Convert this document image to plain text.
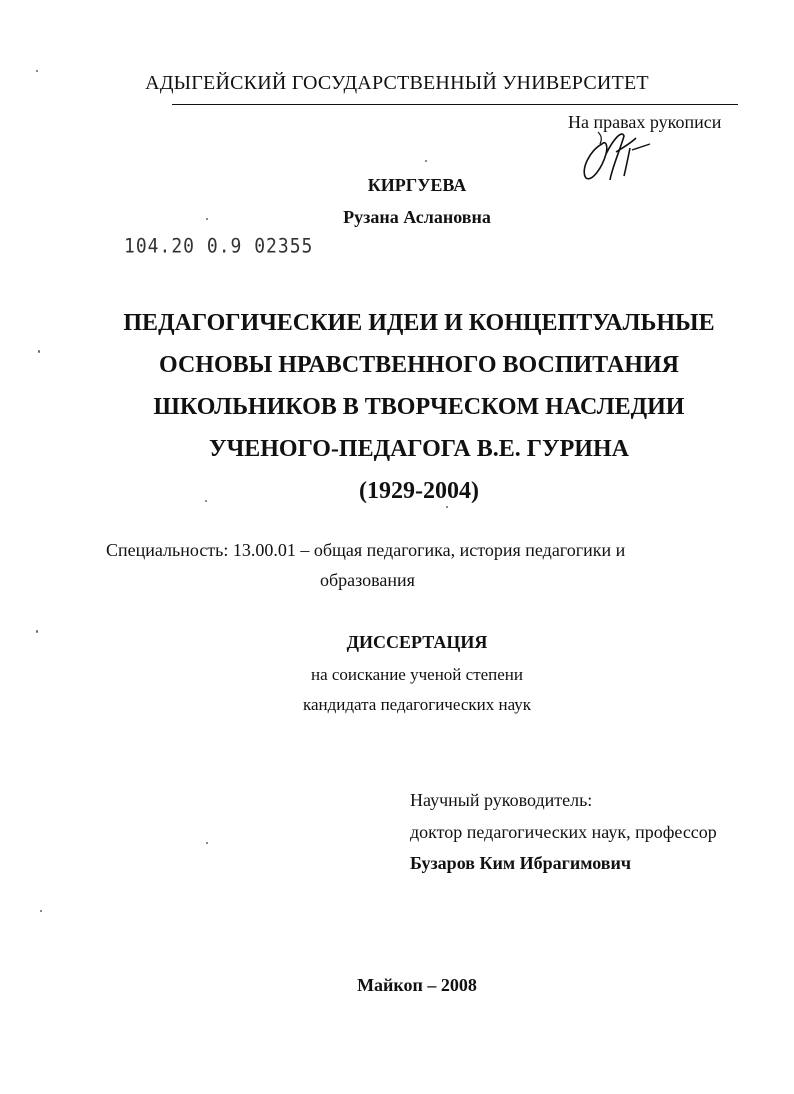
АДЫГЕЙСКИЙ ГОСУДАРСТВЕННЫЙ УНИВЕРСИТЕТ
На правах рукописи
КИРГУЕВА
Рузана Аслановна
104.20 0.9 02355
ПЕДАГОГИЧЕСКИЕ ИДЕИ И КОНЦЕПТУАЛЬНЫЕ
ОСНОВЫ НРАВСТВЕННОГО ВОСПИТАНИЯ
ШКОЛЬНИКОВ В ТВОРЧЕСКОМ НАСЛЕДИИ
УЧЕНОГО-ПЕДАГОГА В.Е. ГУРИНА
(1929-2004)
Специальность: 13.00.01 – общая педагогика, история педагогики и
образования
ДИССЕРТАЦИЯ
на соискание ученой степени
кандидата педагогических наук
Научный руководитель:
доктор педагогических наук, профессор
Бузаров Ким Ибрагимович
Майкоп – 2008
